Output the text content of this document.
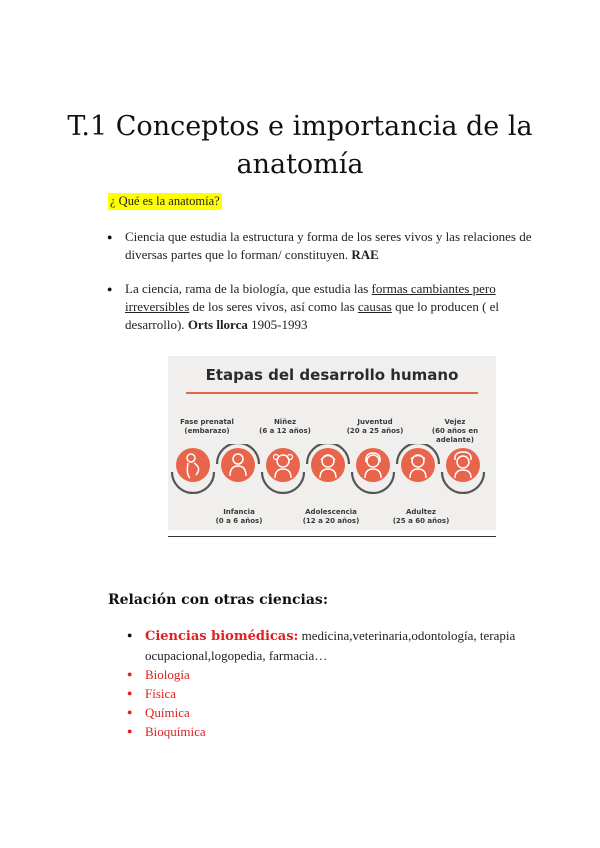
T.1 Conceptos e importancia de la anatomía
¿ Qué es la anatomía?
● Ciencia que estudia la estructura y forma de los seres vivos y las relaciones de diversas partes que lo forman/ constituyen. RAE
● La ciencia, rama de la biología, que estudia las formas cambiantes pero irreversibles de los seres vivos, así como las causas que lo producen ( el desarrollo). Orts llorca 1905-1993
Etapas del desarrollo humano
Fase prenatal
(embarazo)
Niñez
(6 a 12 años)
Juventud
(20 a 25 años)
Vejez
(60 años en adelante)
Infancia
(0 a 6 años)
Adolescencia
(12 a 20 años)
Adultez
(25 a 60 años)
Relación con otras ciencias:
● Ciencias biomédicas: medicina,veterinaria,odontología, terapia ocupacional,logopedia, farmacia…
● Biología
● Física
● Química
● Bioquímica
